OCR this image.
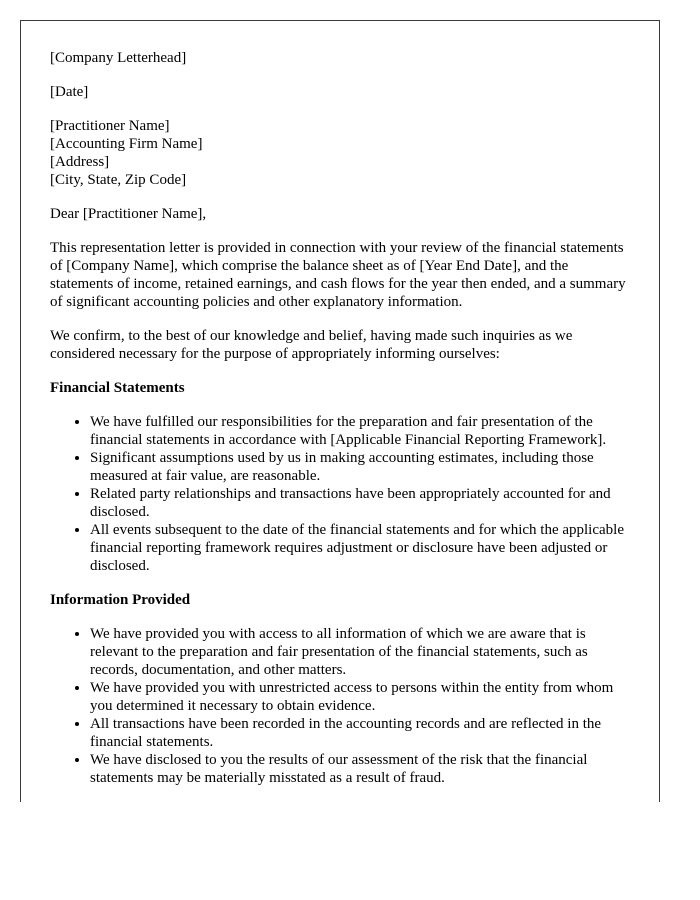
[Company Letterhead]

[Date]

[Practitioner Name]
[Accounting Firm Name]
[Address]
[City, State, Zip Code]

Dear [Practitioner Name],

This representation letter is provided in connection with your review of the financial statements of [Company Name], which comprise the balance sheet as of [Year End Date], and the statements of income, retained earnings, and cash flows for the year then ended, and a summary of significant accounting policies and other explanatory information.

We confirm, to the best of our knowledge and belief, having made such inquiries as we considered necessary for the purpose of appropriately informing ourselves:

Financial Statements
• We have fulfilled our responsibilities for the preparation and fair presentation of the financial statements in accordance with [Applicable Financial Reporting Framework].
• Significant assumptions used by us in making accounting estimates, including those measured at fair value, are reasonable.
• Related party relationships and transactions have been appropriately accounted for and disclosed.
• All events subsequent to the date of the financial statements and for which the applicable financial reporting framework requires adjustment or disclosure have been adjusted or disclosed.
Information Provided
• We have provided you with access to all information of which we are aware that is relevant to the preparation and fair presentation of the financial statements, such as records, documentation, and other matters.
• We have provided you with unrestricted access to persons within the entity from whom you determined it necessary to obtain evidence.
• All transactions have been recorded in the accounting records and are reflected in the financial statements.
• We have disclosed to you the results of our assessment of the risk that the financial statements may be materially misstated as a result of fraud.
